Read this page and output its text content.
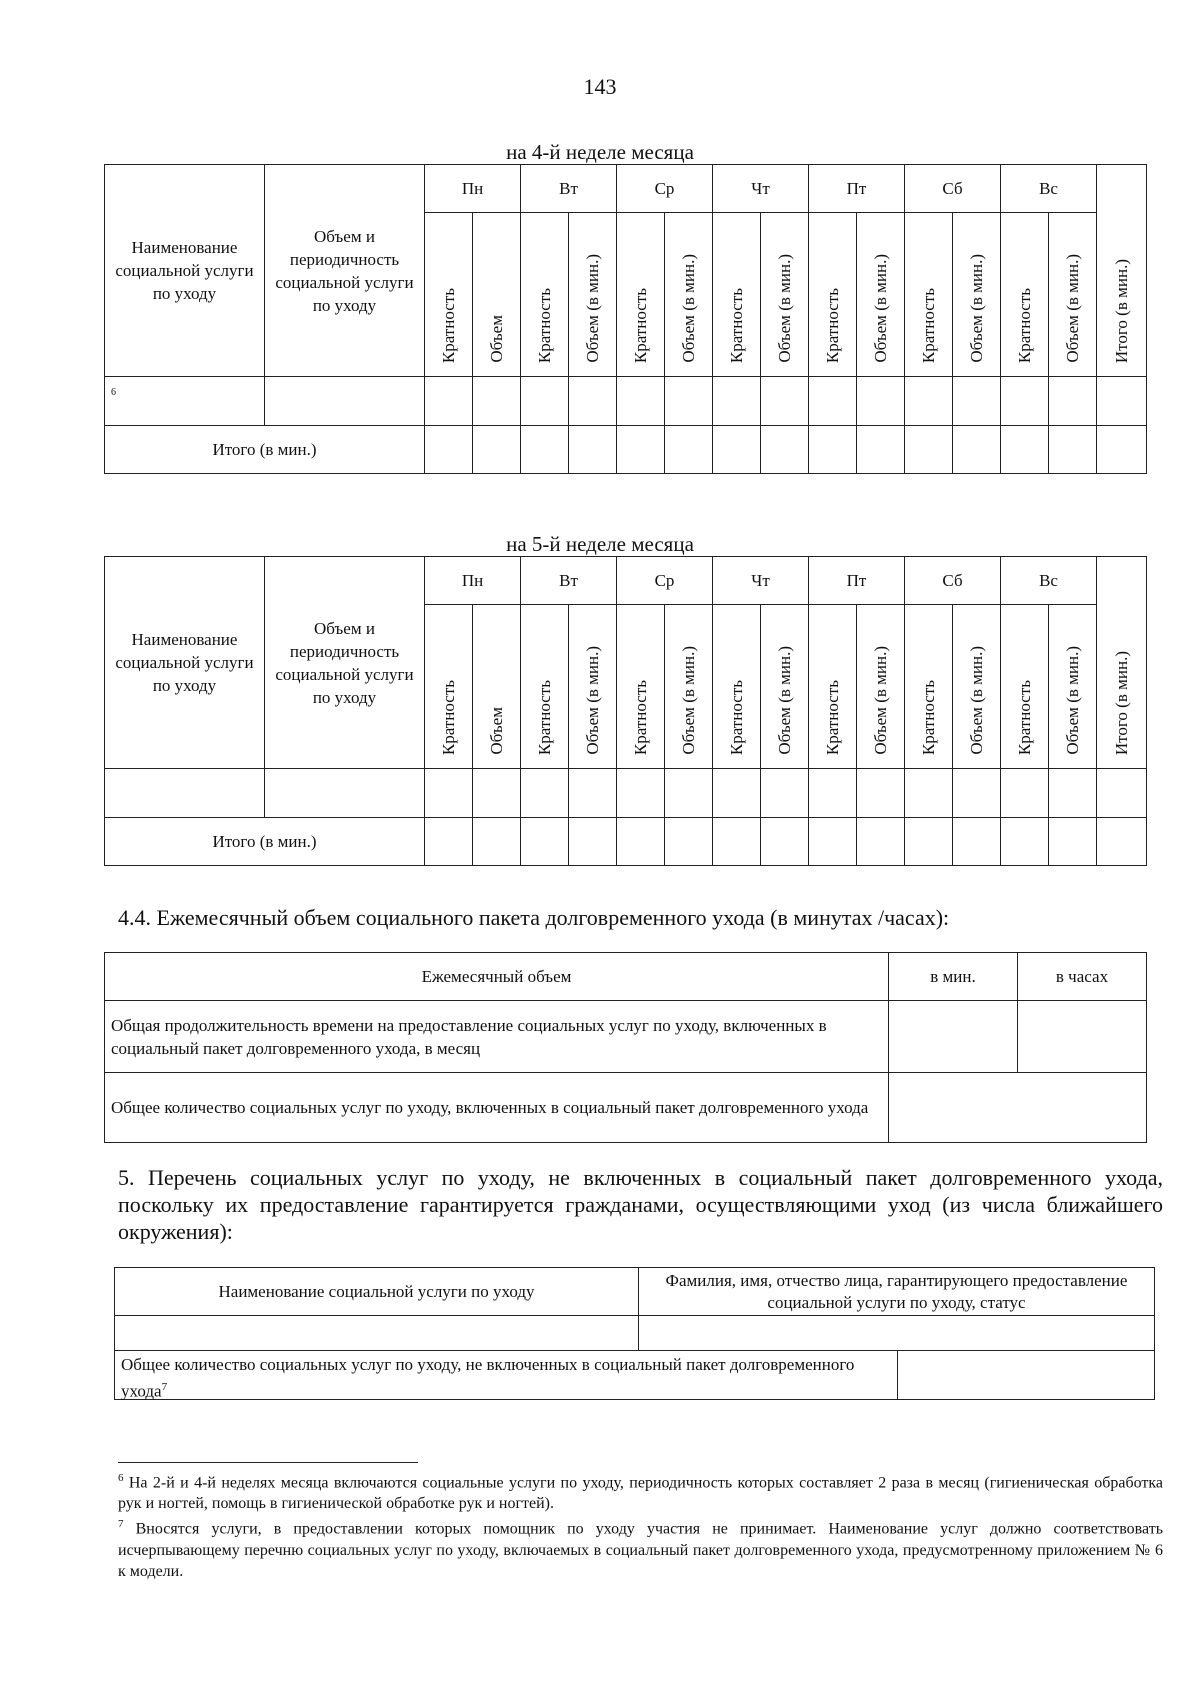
143
на 4-й неделе месяца
Наименование социальной услуги по уходу	Объем и периодичность социальной услуги по уходу	Пн		Вт		Ср		Чт		Пт		Сб		Вс		Итого (в мин.)
		Кратность	Объем	Кратность	Объем (в мин.)	Кратность	Объем (в мин.)	Кратность	Объем (в мин.)	Кратность	Объем (в мин.)	Кратность	Объем (в мин.)	Кратность	Объем (в мин.)	
6																
Итого (в мин.)																
на 5-й неделе месяца
Наименование социальной услуги по уходу	Объем и периодичность социальной услуги по уходу	Пн		Вт		Ср		Чт		Пт		Сб		Вс		Итого (в мин.)
		Кратность	Объем	Кратность	Объем (в мин.)	Кратность	Объем (в мин.)	Кратность	Объем (в мин.)	Кратность	Объем (в мин.)	Кратность	Объем (в мин.)	Кратность	Объем (в мин.)	

Итого (в мин.)																
4.4. Ежемесячный объем социального пакета долговременного ухода (в минутах /часах):
Ежемесячный объем	в мин.	в часах
Общая продолжительность времени на предоставление социальных услуг по уходу, включенных в социальный пакет долговременного ухода, в месяц		
Общее количество социальных услуг по уходу, включенных в социальный пакет долговременного ухода		
5. Перечень социальных услуг по уходу, не включенных в социальный пакет долговременного ухода, поскольку их предоставление гарантируется гражданами, осуществляющими уход (из числа ближайшего окружения):
Наименование социальной услуги по уходу	Фамилия, имя, отчество лица, гарантирующего предоставление социальной услуги по уходу, статус

Общее количество социальных услуг по уходу, не включенных в социальный пакет долговременного ухода$^7$

$^6$ На 2-й и 4-й неделях месяца включаются социальные услуги по уходу, периодичность которых составляет 2 раза в месяц (гигиеническая обработка рук и ногтей, помощь в гигиенической обработке рук и ногтей).

$^7$ Вносятся услуги, в предоставлении которых помощник по уходу участия не принимает. Наименование услуг должно соответствовать исчерпывающему перечню социальных услуг по уходу, включаемых в социальный пакет долговременного ухода, предусмотренному приложением № 6 к модели.
